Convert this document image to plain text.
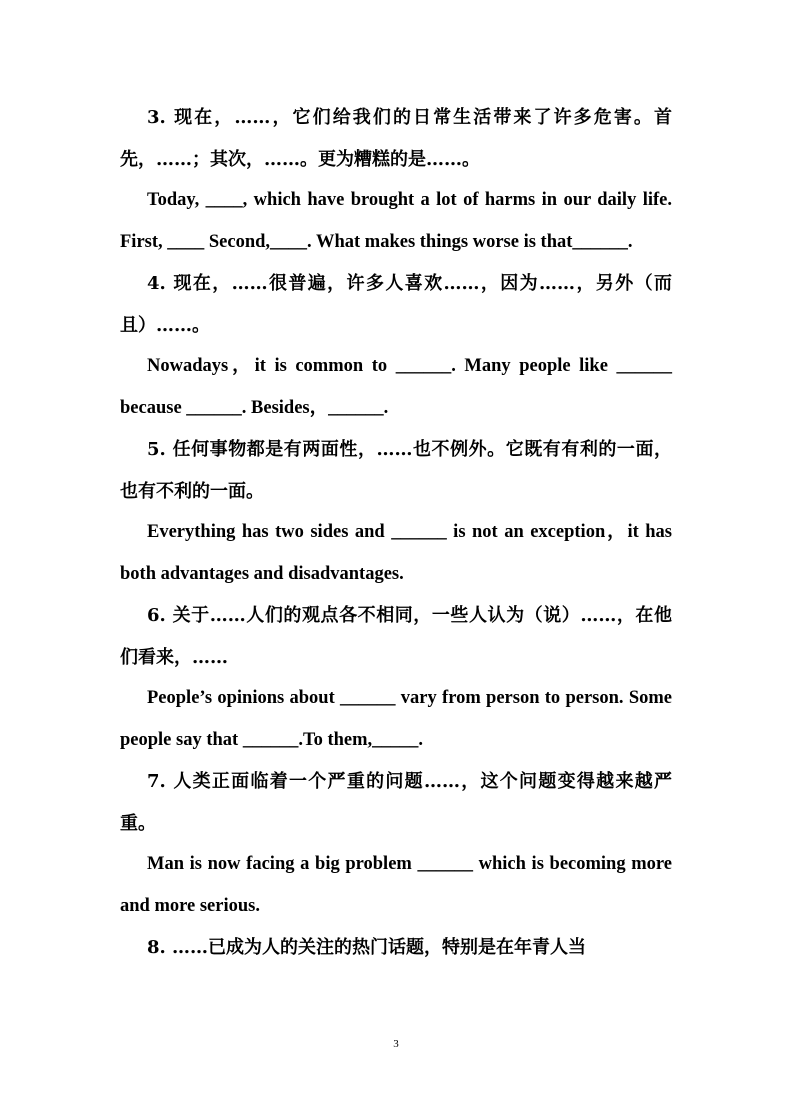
3. 现在，……，它们给我们的日常生活带来了许多危害。首先，……；其次，……。更为糟糕的是……。

Today, ____, which have brought a lot of harms in our daily life. First, ____ Second,____. What makes things worse is that______.

4. 现在，……很普遍，许多人喜欢……，因为……，另外（而且）……。

Nowadays，it is common to ______. Many people like ______ because ______. Besides，______.

5. 任何事物都是有两面性，……也不例外。它既有有利的一面，也有不利的一面。

Everything has two sides and ______ is not an exception，it has both advantages and disadvantages.

6. 关于……人们的观点各不相同，一些人认为（说）……，在他们看来，……

People’s opinions about ______ vary from person to person. Some people say that ______.To them,_____.

7. 人类正面临着一个严重的问题……，这个问题变得越来越严重。

Man is now facing a big problem ______ which is becoming more and more serious.

8. ……已成为人的关注的热门话题，特别是在年青人当

3
